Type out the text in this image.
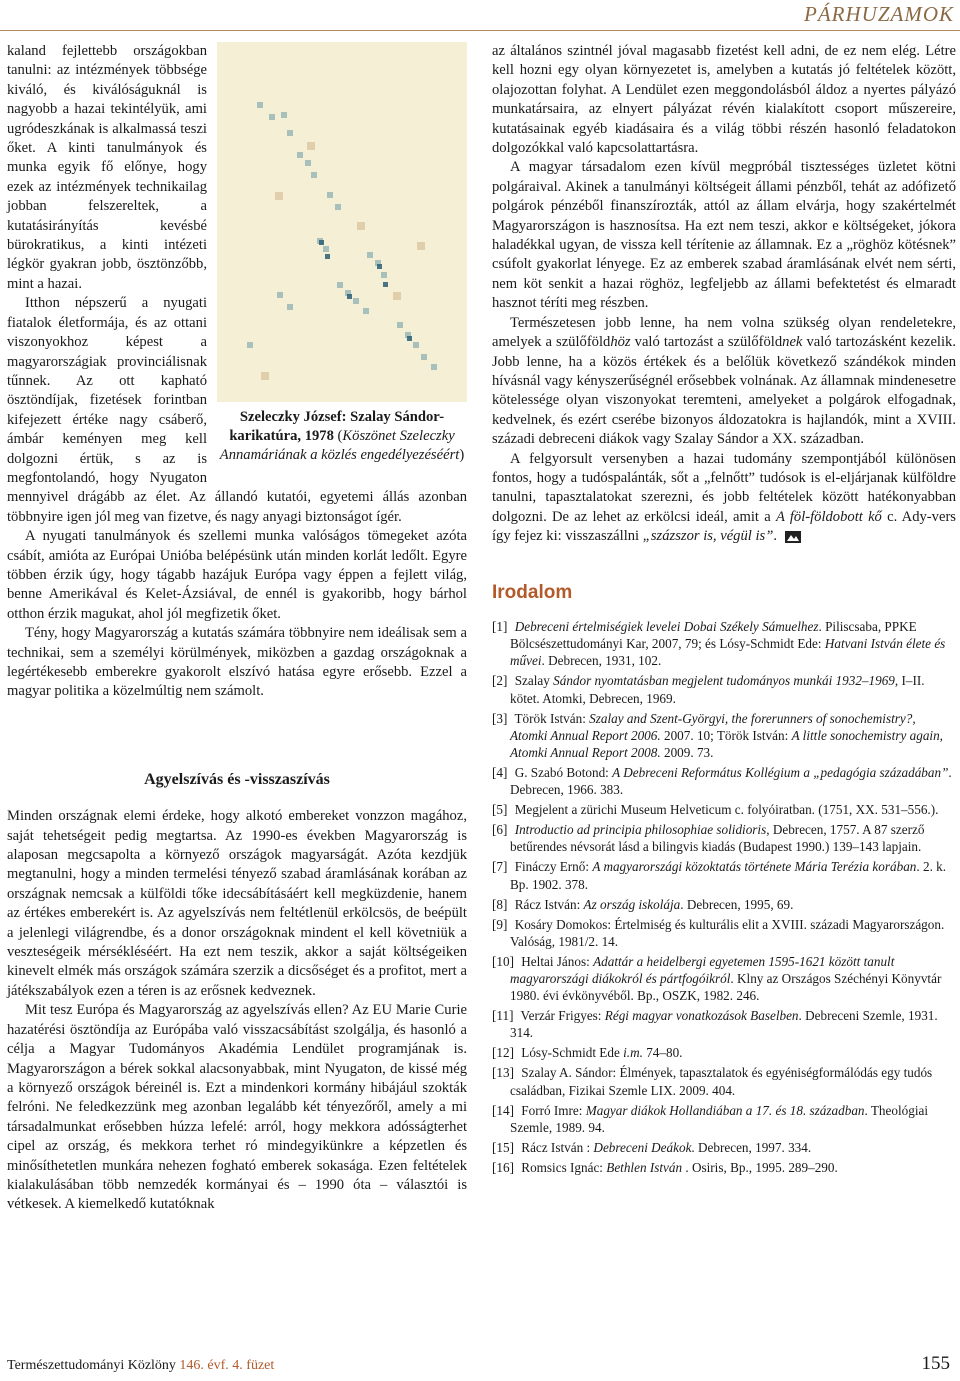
PÁRHUZAMOK
Szeleczky József: Szalay Sándor-karikatúra, 1978 (Köszönet Szeleczky Annamáriának a közlés engedélyezéséért)

kaland fejlettebb országokban tanulni: az intézmények többsége kiváló, és kiválóságuknál is nagyobb a hazai tekintélyük, ami ugródeszkának is alkalmassá teszi őket. A kinti tanulmányok és munka egyik fő előnye, hogy ezek az intézmények technikailag jobban felszereltek, a kutatásirányítás kevésbé bürokratikus, a kinti intézeti légkör gyakran jobb, ösztönzőbb, mint a hazai.

Itthon népszerű a nyugati fiatalok életformája, és az ottani viszonyokhoz képest a magyarországiak provinciálisnak tűnnek. Az ott kapható ösztöndíjak, fizetések forintban kifejezett értéke nagy csáberő, ámbár keményen meg kell dolgozni értük, s az is megfontolandó, hogy Nyugaton mennyivel drágább az élet. Az állandó kutatói, egyetemi állás azonban többnyire igen jól meg van fizetve, és nagy anyagi biztonságot ígér.

A nyugati tanulmányok és szellemi munka valóságos tömegeket azóta csábít, amióta az Európai Unióba belépésünk után minden korlát ledőlt. Egyre többen érzik úgy, hogy tágabb hazájuk Európa vagy éppen a fejlett világ, benne Amerikával és Kelet-Ázsiával, de ennél is gyakoribb, hogy bárhol otthon érzik magukat, ahol jól megfizetik őket.

Tény, hogy Magyarország a kutatás számára többnyire nem ideálisak sem a technikai, sem a személyi körülmények, miközben a gazdag országoknak a legértékesebb emberekre gyakorolt elszívó hatása egyre erősebb. Ezzel a magyar politika a közelmúltig nem számolt.

Agyelszívás és -visszaszívás

Minden országnak elemi érdeke, hogy alkotó embereket vonzzon magához, saját tehetségeit pedig megtartsa. Az 1990-es években Magyarország is alaposan megcsapolta a környező országok magyarságát. Azóta kezdjük megtanulni, hogy a minden termelési tényező szabad áramlásának korában az országnak nemcsak a külföldi tőke idecsábításáért kell megküzdenie, hanem az értékes emberekért is. Az agyelszívás nem feltétlenül erkölcsös, de beépült a jelenlegi világrendbe, és a donor országoknak mindent el kell követniük a veszteségeik mérsékléséért. Ha ezt nem teszik, akkor a saját költségeiken kinevelt elmék más országok számára szerzik a dicsőséget és a profitot, mert a játékszabályok ezen a téren is az erősnek kedveznek.

Mit tesz Európa és Magyarország az agyelszívás ellen? Az EU Marie Curie hazatérési ösztöndíja az Európába való visszacsábítást szolgálja, és hasonló a célja a Magyar Tudományos Akadémia Lendület programjának is. Magyarországon a bérek sokkal alacsonyabbak, mint Nyugaton, de kissé még a környező országok béreinél is. Ezt a mindenkori kormány hibájául szokták felróni. Ne feledkezzünk meg azonban legalább két tényezőről, amely a mi társadalmunkat erősebben húzza lefelé: arról, hogy mekkora adósságterhet cipel az ország, és mekkora terhet ró mindegyikünkre a képzetlen és minősíthetetlen munkára nehezen fogható emberek sokasága. Ezen feltételek kialakulásában több nemzedék kormányai és – 1990 óta – választói is vétkesek. A kiemelkedő kutatóknak

az általános szintnél jóval magasabb fizetést kell adni, de ez nem elég. Létre kell hozni egy olyan környezetet is, amelyben a kutatás jó feltételek között, olajozottan folyhat. A Lendület ezen meggondolásból áldoz a nyertes pályázó munkatársaira, az elnyert pályázat révén kialakított csoport műszereire, kutatásainak egyéb kiadásaira és a világ többi részén hasonló feladatokon dolgozókkal való kapcsolattartásra.

A magyar társadalom ezen kívül megpróbál tisztességes üzletet kötni polgáraival. Akinek a tanulmányi költségeit állami pénzből, tehát az adófizető polgárok pénzéből finanszírozták, attól az állam elvárja, hogy szakértelmét Magyarországon is hasznosítsa. Ha ezt nem teszi, akkor e költségeket, jókora haladékkal ugyan, de vissza kell térítenie az államnak. Ez a „röghöz kötésnek” csúfolt gyakorlat lényege. Ez az emberek szabad áramlásának elvét nem sérti, nem köt senkit a hazai röghöz, legfeljebb az állami befektetést és elmaradt hasznot téríti meg részben.

Természetesen jobb lenne, ha nem volna szükség olyan rendeletekre, amelyek a szülőföldhöz való tartozást a szülőföldnek való tartozásként kezelik. Jobb lenne, ha a közös értékek és a belőlük következő szándékok minden hívásnál vagy kényszerűségnél erősebbek volnának. Az államnak mindenesetre kötelessége olyan viszonyokat teremteni, amelyeket a polgárok elfogadnak, kedvelnek, és ezért cserébe bizonyos áldozatokra is hajlandók, mint a XVIII. századi debreceni diákok vagy Szalay Sándor a XX. században.

A felgyorsult versenyben a hazai tudomány szempontjából különösen fontos, hogy a tudóspalánták, sőt a „felnőtt” tudósok is el-eljárjanak külföldre tanulni, tapasztalatokat szerezni, és jobb feltételek között hatékonyabban dolgozni. De az lehet az erkölcsi ideál, amit a A föl-földobott kő c. Ady-vers így fejez ki: visszaszállni „százszor is, végül is”.

Irodalom
[1] Debreceni értelmiségiek levelei Dobai Székely Sámuelhez. Piliscsaba, PPKE Bölcsészettudományi Kar, 2007, 79; és Lósy-Schmidt Ede: Hatvani István élete és művei. Debrecen, 1931, 102.
[2] Szalay Sándor nyomtatásban megjelent tudományos munkái 1932–1969, I–II. kötet. Atomki, Debrecen, 1969.
[3] Török István: Szalay and Szent-Györgyi, the forerunners of sonochemistry?, Atomki Annual Report 2006. 2007. 10; Török István: A little sonochemistry again, Atomki Annual Report 2008. 2009. 73.
[4] G. Szabó Botond: A Debreceni Református Kollégium a „pedagógia századában”. Debrecen, 1966. 383.
[5] Megjelent a zürichi Museum Helveticum c. folyóiratban. (1751, XX. 531–556.).
[6] Introductio ad principia philosophiae solidioris, Debrecen, 1757. A 87 szerző betűrendes névsorát lásd a bilingvis kiadás (Budapest 1990.) 139–143 lapjain.
[7] Fináczy Ernő: A magyarországi közoktatás története Mária Terézia korában. 2. k. Bp. 1902. 378.
[8] Rácz István: Az ország iskolája. Debrecen, 1995, 69.
[9] Kosáry Domokos: Értelmiség és kulturális elit a XVIII. századi Magyarországon. Valóság, 1981/2. 14.
[10] Heltai János: Adattár a heidelbergi egyetemen 1595-1621 között tanult magyarországi diákokról és pártfogóikról. Klny az Országos Széchényi Könyvtár 1980. évi évkönyvéből. Bp., OSZK, 1982. 246.
[11] Verzár Frigyes: Régi magyar vonatkozások Baselben. Debreceni Szemle, 1931. 314.
[12] Lósy-Schmidt Ede i.m. 74–80.
[13] Szalay A. Sándor: Élmények, tapasztalatok és egyéniségformálódás egy tudós családban, Fizikai Szemle LIX. 2009. 404.
[14] Forró Imre: Magyar diákok Hollandiában a 17. és 18. században. Theológiai Szemle, 1989. 94.
[15] Rácz István : Debreceni Deákok. Debrecen, 1997. 334.
[16] Romsics Ignác: Bethlen István . Osiris, Bp., 1995. 289–290.
Természettudományi Közlöny 146. évf. 4. füzet	155
